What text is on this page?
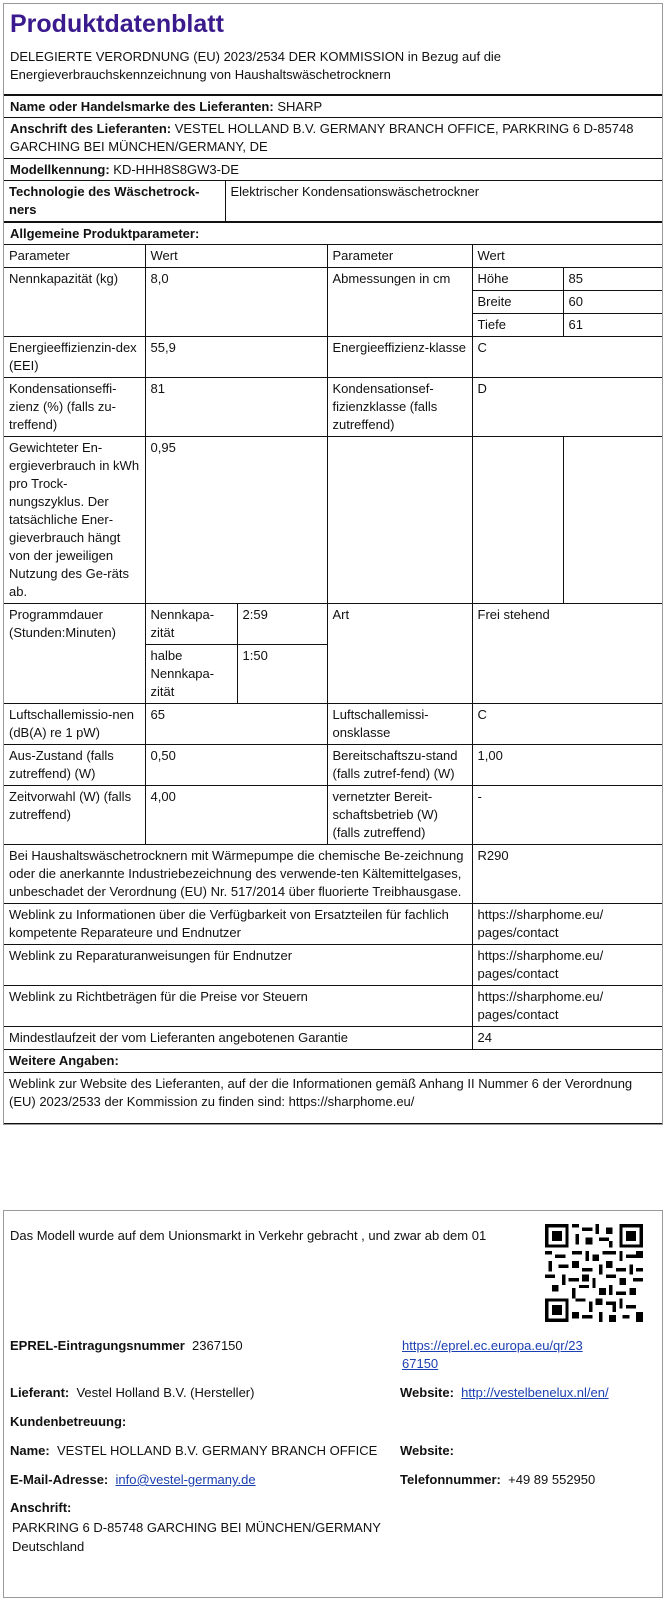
Produktdatenblatt
DELEGIERTE VERORDNUNG (EU) 2023/2534 DER KOMMISSION in Bezug auf die Energieverbrauchskennzeichnung von Haushaltswäschetrocknern
Name oder Handelsmarke des Lieferanten: SHARP
Anschrift des Lieferanten: VESTEL HOLLAND B.V. GERMANY BRANCH OFFICE, PARKRING 6 D-85748 GARCHING BEI MÜNCHEN/GERMANY, DE
Modellkennung: KD-HHH8S8GW3-DE
Technologie des Wäschetrock-ners	Elektrischer Kondensationswäschetrockner
Allgemeine Produktparameter:
Parameter	Wert		Parameter	Wert	
Nennkapazität (kg)	8,0		Abmessungen in cm	Höhe	85
				Breite	60
				Tiefe	61
Energieeffizienzin-dex (EEI)	55,9		Energieeffizienz-klasse	C	
Kondensationseffi-zienz (%) (falls zu-treffend)	81		Kondensationsef-fizienzklasse (falls zutreffend)	D	
Gewichteter En-ergieverbrauch in kWh pro Trock-nungszyklus. Der tatsächliche Ener-gieverbrauch hängt von der jeweiligen Nutzung des Ge-räts ab.	0,95				
Programmdauer (Stunden:Minuten)	Nennkapa-zität	2:59	Art	Frei stehend	
	halbe Nennkapa-zität	1:50			
Luftschallemissio-nen (dB(A) re 1 pW)	65		Luftschallemissi-onsklasse	C	
Aus-Zustand (falls zutreffend) (W)	0,50		Bereitschaftszu-stand (falls zutref-fend) (W)	1,00	
Zeitvorwahl (W) (falls zutreffend)	4,00		vernetzter Bereit-schaftsbetrieb (W) (falls zutreffend)	-	
Bei Haushaltswäschetrocknern mit Wärmepumpe die chemische Be-zeichnung oder die anerkannte Industriebezeichnung des verwende-ten Kältemittelgases, unbeschadet der Verordnung (EU) Nr. 517/2014 über fluorierte Treibhausgase.				R290	
Weblink zu Informationen über die Verfügbarkeit von Ersatzteilen für fachlich kompetente Reparateure und Endnutzer				https://sharphome.eu/ pages/contact	
Weblink zu Reparaturanweisungen für Endnutzer				https://sharphome.eu/ pages/contact	
Weblink zu Richtbeträgen für die Preise vor Steuern				https://sharphome.eu/ pages/contact	
Mindestlaufzeit der vom Lieferanten angebotenen Garantie				24	
Weitere Angaben:					
Weblink zur Website des Lieferanten, auf der die Informationen gemäß Anhang II Nummer 6 der Verordnung (EU) 2023/2533 der Kommission zu finden sind: https://sharphome.eu/					
Das Modell wurde auf dem Unionsmarkt in Verkehr gebracht , und zwar ab dem 01
EPREL-Eintragungsnummer 2367150	https://eprel.ec.europa.eu/qr/23
67150
Lieferant: Vestel Holland B.V. (Hersteller)	Website: http://vestelbenelux.nl/en/
Kundenbetreuung:
Name: VESTEL HOLLAND B.V. GERMANY BRANCH OFFICE Website:
E-Mail-Adresse: info@vestel-germany.de	Telefonnummer: +49 89 552950
Anschrift:
PARKRING 6 D-85748 GARCHING BEI MÜNCHEN/GERMANY
Deutschland
